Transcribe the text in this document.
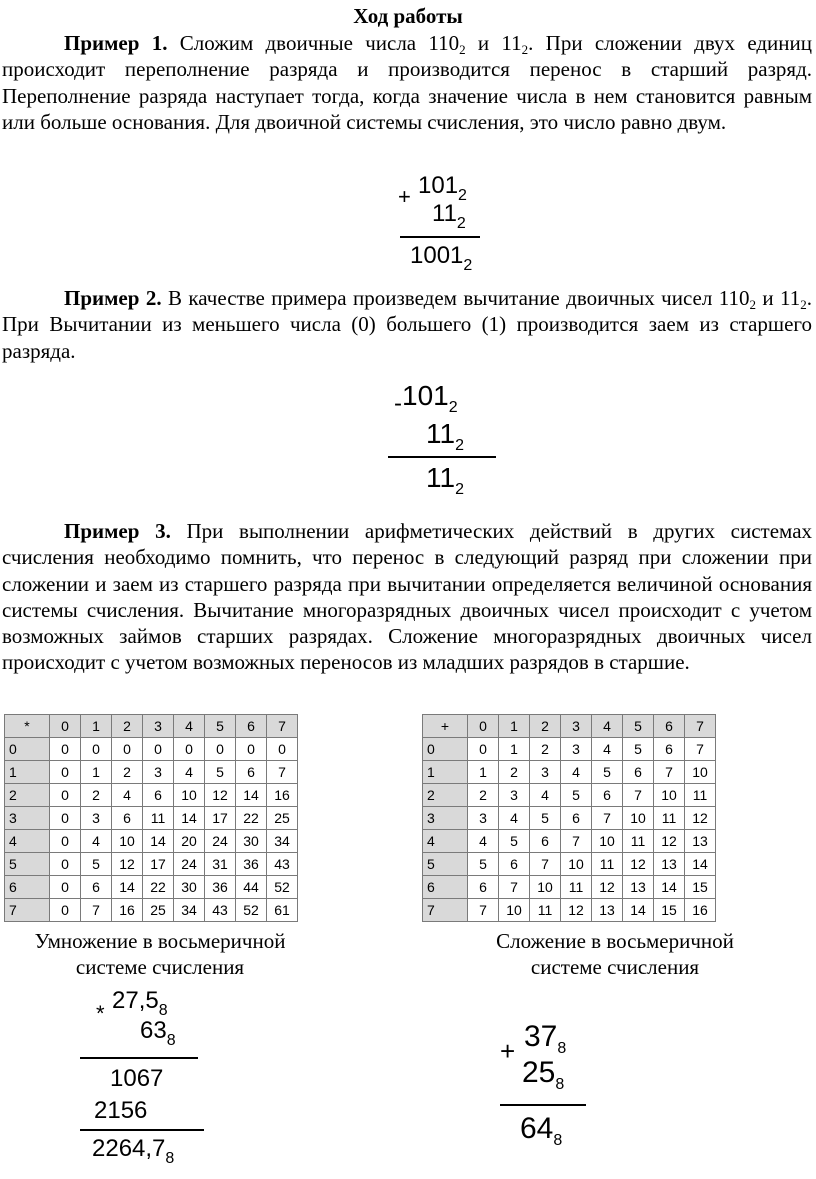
Ход работы
Пример 1. Сложим двоичные числа $110_2$ и $11_2$. При сложении двух единиц происходит переполнение разряда и производится перенос в старший разряд. Переполнение разряда наступает тогда, когда значение числа в нем становится равным или больше основания. Для двоичной системы счисления, это число равно двум.
+ $101_2$
$11_2$
$1001_2$
Пример 2. В качестве примера произведем вычитание двоичных чисел $110_2$ и $11_2$. При Вычитании из меньшего числа (0) большего (1) производится заем из старшего разряда.
- $101_2$
$11_2$
$11_2$
Пример 3. При выполнении арифметических действий в других системах счисления необходимо помнить, что перенос в следующий разряд при сложении при сложении и заем из старшего разряда при вычитании определяется величиной основания системы счисления. Вычитание многоразрядных двоичных чисел происходит с учетом возможных займов старших разрядах. Сложение многоразрядных двоичных чисел происходит с учетом возможных переносов из младших разрядов в старшие.
*	0	1	2	3	4	5	6	7
0	0	0	0	0	0	0	0	0
1	0	1	2	3	4	5	6	7
2	0	2	4	6	10	12	14	16
3	0	3	6	11	14	17	22	25
4	0	4	10	14	20	24	30	34
5	0	5	12	17	24	31	36	43
6	0	6	14	22	30	36	44	52
7	0	7	16	25	34	43	52	61
+	0	1	2	3	4	5	6	7
0	0	1	2	3	4	5	6	7
1	1	2	3	4	5	6	7	10
2	2	3	4	5	6	7	10	11
3	3	4	5	6	7	10	11	12
4	4	5	6	7	10	11	12	13
5	5	6	7	10	11	12	13	14
6	6	7	10	11	12	13	14	15
7	7	10	11	12	13	14	15	16
Умножение в восьмеричной
системе счисления
Сложение в восьмеричной
системе счисления
* $27,5_8$
$63_8$
1067
2156
$2264,7_8$
+ $37_8$
$25_8$
$64_8$
